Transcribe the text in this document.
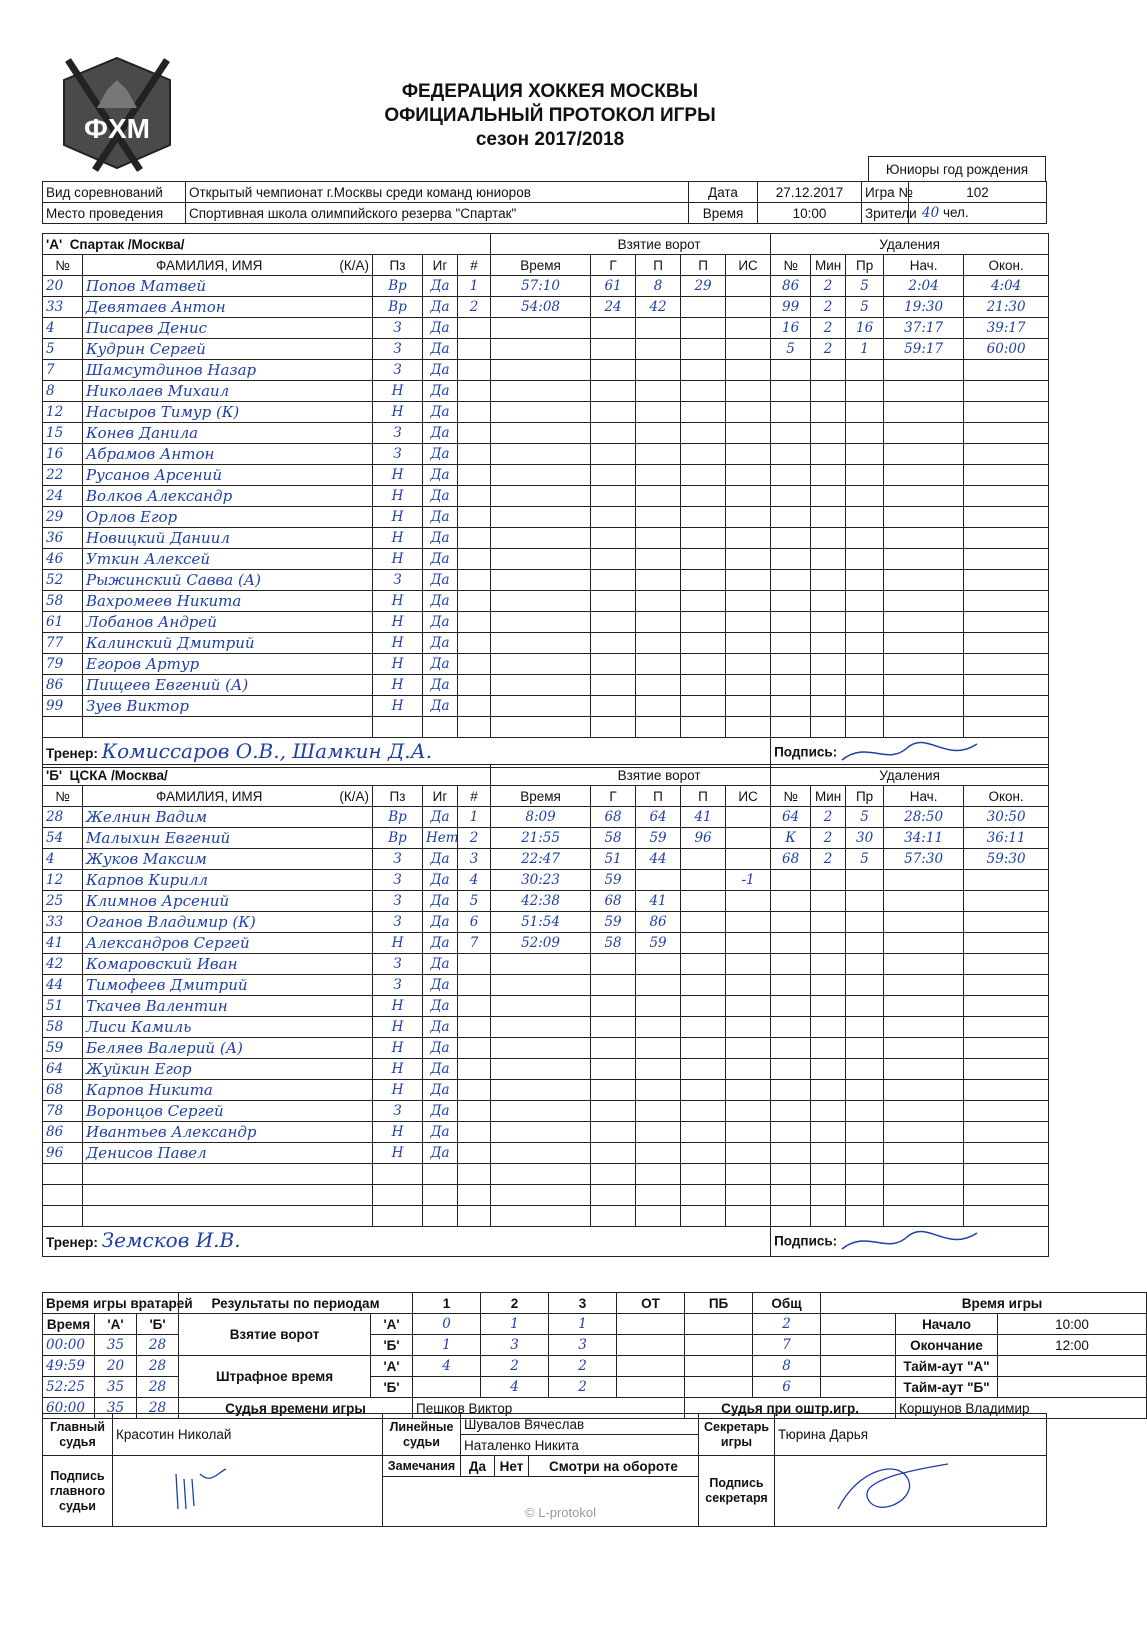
ФХМ
ФЕДЕРАЦИЯ ХОККЕЯ МОСКВЫ
ОФИЦИАЛЬНЫЙ ПРОТОКОЛ ИГРЫ
сезон 2017/2018
Юниоры год рождения
Вид соревнований	Открытый чемпионат г.Москвы среди команд юниоров	Дата	27.12.2017	Игра №	102
Место проведения	Спортивная школа олимпийского резерва "Спартак"	Время	10:00	Зрители	40 чел.
'А' Спартак /Москва/					Взятие ворот					Удаления				
№	ФАМИЛИЯ, ИМЯ (К/А)	Пз	Иг	#	Время	Г	П	П	ИС	№	Мин	Пр	Нач.	Окон.
20	Попов Матвей	Вр	Да	1	57:10	61	8	29		86	2	5	2:04	4:04
33	Девятаев Антон	Вр	Да	2	54:08	24	42			99	2	5	19:30	21:30
4	Писарев Денис	З	Да							16	2	16	37:17	39:17
5	Кудрин Сергей	З	Да							5	2	1	59:17	60:00
7	Шамсутдинов Назар	З	Да											
8	Николаев Михаил	Н	Да											
12	Насыров Тимур (К)	Н	Да											
15	Конев Данила	З	Да											
16	Абрамов Антон	З	Да											
22	Русанов Арсений	Н	Да											
24	Волков Александр	Н	Да											
29	Орлов Егор	Н	Да											
36	Новицкий Даниил	Н	Да											
46	Уткин Алексей	Н	Да											
52	Рыжинский Савва (А)	З	Да											
58	Вахромеев Никита	Н	Да											
61	Лобанов Андрей	Н	Да											
77	Калинский Дмитрий	Н	Да											
79	Егоров Артур	Н	Да											
86	Пищеев Евгений (А)	Н	Да											
99	Зуев Виктор	Н	Да											

Тренер: Комиссаров О.В., Шамкин Д.А.										Подпись:				
'Б' ЦСКА /Москва/					Взятие ворот					Удаления				
№	ФАМИЛИЯ, ИМЯ (К/А)	Пз	Иг	#	Время	Г	П	П	ИС	№	Мин	Пр	Нач.	Окон.
28	Желнин Вадим	Вр	Да	1	8:09	68	64	41		64	2	5	28:50	30:50
54	Малыхин Евгений	Вр	Нет	2	21:55	58	59	96		К	2	30	34:11	36:11
4	Жуков Максим	З	Да	3	22:47	51	44			68	2	5	57:30	59:30
12	Карпов Кирилл	З	Да	4	30:23	59			-1					
25	Климнов Арсений	З	Да	5	42:38	68	41							
33	Оганов Владимир (К)	З	Да	6	51:54	59	86							
41	Александров Сергей	Н	Да	7	52:09	58	59							
42	Комаровский Иван	З	Да											
44	Тимофеев Дмитрий	З	Да											
51	Ткачев Валентин	Н	Да											
58	Лиси Камиль	Н	Да											
59	Беляев Валерий (А)	Н	Да											
64	Жуйкин Егор	Н	Да											
68	Карпов Никита	Н	Да											
78	Воронцов Сергей	З	Да											
86	Ивантьев Александр	Н	Да											
96	Денисов Павел	Н	Да											

Тренер: Земсков И.В.										Подпись:				
Время игры вратарей			Результаты по периодам		1	2	3	ОТ	ПБ	Общ	Время игры		
Время	'А'	'Б'	Взятие ворот	'А'	0	1	1			2		Начало	10:00
00:00	35	28		'Б'	1	3	3			7		Окончание	12:00
49:59	20	28	Штрафное время	'А'	4	2	2			8		Тайм-аут "А"	
52:25	35	28		'Б'		4	2			6		Тайм-аут "Б"	
60:00	35	28	Судья времени игры		Пешков Виктор				Судья при оштр.игр.			Коршунов Владимир	
Главный судья	Красотин Николай	Линейные судьи	Шувалов Вячеслав			Секретарь игры	Тюрина Дарья
			Наталенко Никита				
Подпись главного судьи		Замечания	Да	Нет	Смотри на обороте	Подпись секретаря	

© L-protokol
